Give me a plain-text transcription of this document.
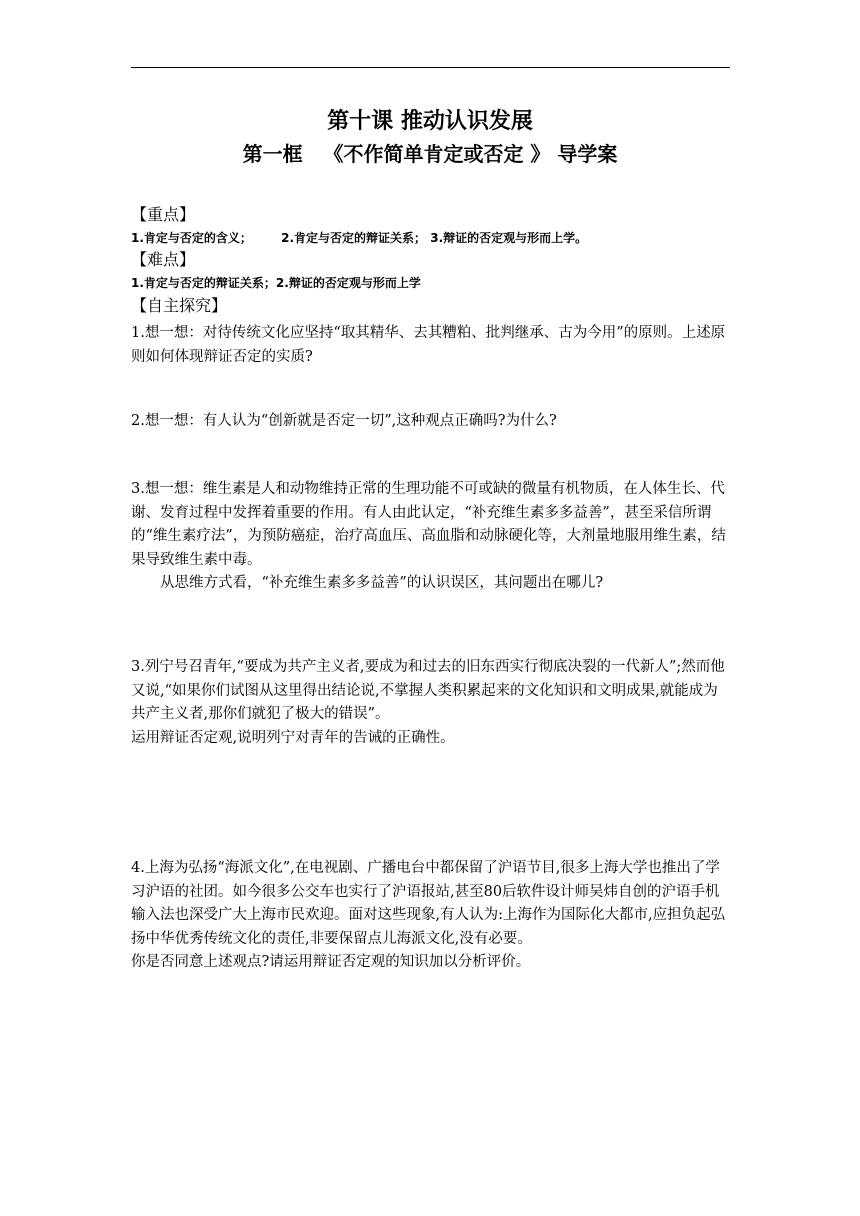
第十课 推动认识发展
第一框   《不作简单肯定或否定 》 导学案
【重点】
1.肯定与否定的含义；       2.肯定与否定的辩证关系； 3.辩证的否定观与形而上学。
【难点】
1.肯定与否定的辩证关系；2.辩证的否定观与形而上学
【自主探究】

1.想一想：对待传统文化应坚持“取其精华、去其糟粕、批判继承、古为今用”的原则。上述原则如何体现辩证否定的实质?

2.想一想：有人认为“创新就是否定一切”,这种观点正确吗?为什么?

3.想一想：维生素是人和动物维持正常的生理功能不可或缺的微量有机物质，在人体生长、代谢、发育过程中发挥着重要的作用。有人由此认定，“补充维生素多多益善”，甚至采信所谓的“维生素疗法”，为预防癌症，治疗高血压、高血脂和动脉硬化等，大剂量地服用维生素，结果导致维生素中毒。

从思维方式看，“补充维生素多多益善”的认识误区，其问题出在哪儿?

3.列宁号召青年,“要成为共产主义者,要成为和过去的旧东西实行彻底决裂的一代新人”;然而他又说,“如果你们试图从这里得出结论说,不掌握人类积累起来的文化知识和文明成果,就能成为共产主义者,那你们就犯了极大的错误”。

运用辩证否定观,说明列宁对青年的告诫的正确性。

4.上海为弘扬“海派文化”,在电视剧、广播电台中都保留了沪语节目,很多上海大学也推出了学习沪语的社团。如今很多公交车也实行了沪语报站,甚至80后软件设计师吴炜自创的沪语手机输入法也深受广大上海市民欢迎。面对这些现象,有人认为:上海作为国际化大都市,应担负起弘扬中华优秀传统文化的责任,非要保留点儿海派文化,没有必要。

你是否同意上述观点?请运用辩证否定观的知识加以分析评价。
